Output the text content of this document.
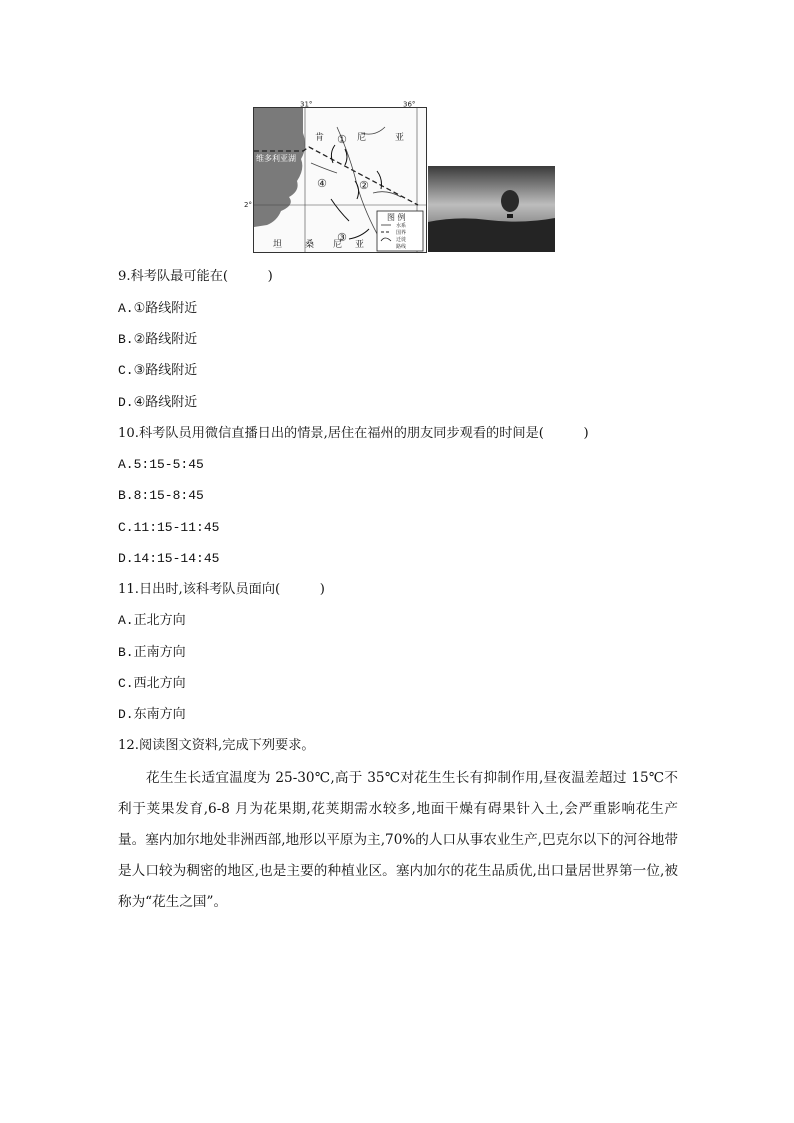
31°	36°
2°
维多利亚湖
肯	尼	亚
坦	桑 尼 亚
①
②
③
④
图 例
水系
国界
迁徙
路线
9.科考队最可能在(　　　)
A.①路线附近
B.②路线附近
C.③路线附近
D.④路线附近
10.科考队员用微信直播日出的情景,居住在福州的朋友同步观看的时间是(　　　)
A.5:15-5:45
B.8:15-8:45
C.11:15-11:45
D.14:15-14:45
11.日出时,该科考队员面向(　　　)
A.正北方向
B.正南方向
C.西北方向
D.东南方向
12.阅读图文资料,完成下列要求。
花生生长适宜温度为 25-30℃,高于 35℃对花生生长有抑制作用,昼夜温差超过 15℃不利于荚果发育,6-8 月为花果期,花荚期需水较多,地面干燥有碍果针入土,会严重影响花生产量。塞内加尔地处非洲西部,地形以平原为主,70%的人口从事农业生产,巴克尔以下的河谷地带是人口较为稠密的地区,也是主要的种植业区。塞内加尔的花生品质优,出口量居世界第一位,被称为“花生之国”。
